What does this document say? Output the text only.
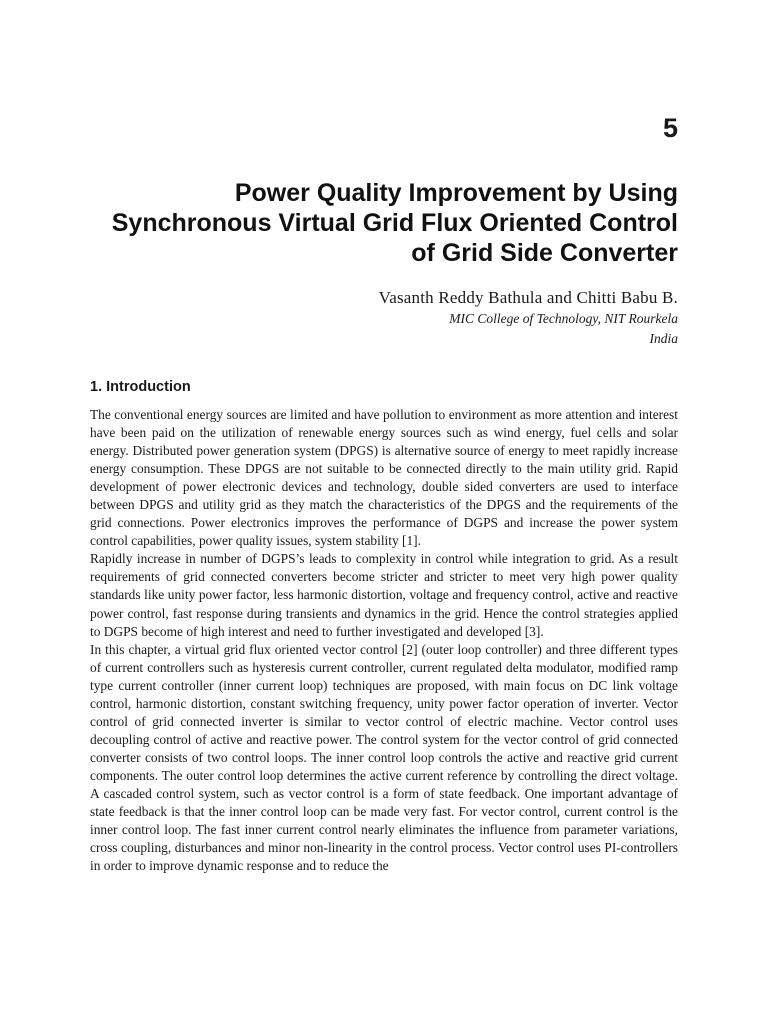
5
Power Quality Improvement by Using
Synchronous Virtual Grid Flux Oriented Control
of Grid Side Converter
Vasanth Reddy Bathula and Chitti Babu B.
MIC College of Technology, NIT Rourkela
India
1. Introduction

The conventional energy sources are limited and have pollution to environment as more attention and interest have been paid on the utilization of renewable energy sources such as wind energy, fuel cells and solar energy. Distributed power generation system (DPGS) is alternative source of energy to meet rapidly increase energy consumption. These DPGS are not suitable to be connected directly to the main utility grid. Rapid development of power electronic devices and technology, double sided converters are used to interface between DPGS and utility grid as they match the characteristics of the DPGS and the requirements of the grid connections. Power electronics improves the performance of DGPS and increase the power system control capabilities, power quality issues, system stability [1].

Rapidly increase in number of DGPS’s leads to complexity in control while integration to grid. As a result requirements of grid connected converters become stricter and stricter to meet very high power quality standards like unity power factor, less harmonic distortion, voltage and frequency control, active and reactive power control, fast response during transients and dynamics in the grid. Hence the control strategies applied to DGPS become of high interest and need to further investigated and developed [3].

In this chapter, a virtual grid flux oriented vector control [2] (outer loop controller) and three different types of current controllers such as hysteresis current controller, current regulated delta modulator, modified ramp type current controller (inner current loop) techniques are proposed, with main focus on DC link voltage control, harmonic distortion, constant switching frequency, unity power factor operation of inverter. Vector control of grid connected inverter is similar to vector control of electric machine. Vector control uses decoupling control of active and reactive power. The control system for the vector control of grid connected converter consists of two control loops. The inner control loop controls the active and reactive grid current components. The outer control loop determines the active current reference by controlling the direct voltage. A cascaded control system, such as vector control is a form of state feedback. One important advantage of state feedback is that the inner control loop can be made very fast. For vector control, current control is the inner control loop. The fast inner current control nearly eliminates the influence from parameter variations, cross coupling, disturbances and minor non-linearity in the control process. Vector control uses PI-controllers in order to improve dynamic response and to reduce the
